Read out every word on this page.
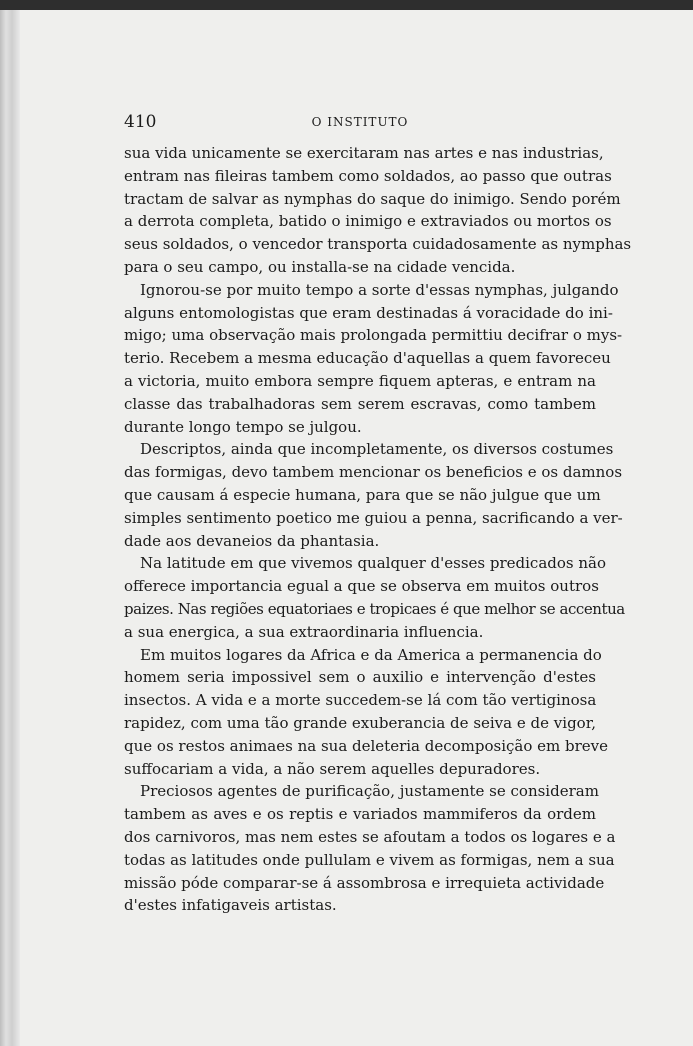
410	O INSTITUTO
sua vida unicamente se exercitaram nas artes e nas industrias,
entram nas fileiras tambem como soldados, ao passo que outras
tractam de salvar as nymphas do saque do inimigo. Sendo porém
a derrota completa, batido o inimigo e extraviados ou mortos os
seus soldados, o vencedor transporta cuidadosamente as nymphas
para o seu campo, ou installa-se na cidade vencida.
Ignorou-se por muito tempo a sorte d'essas nymphas, julgando
alguns entomologistas que eram destinadas á voracidade do ini-
migo; uma observação mais prolongada permittiu decifrar o mys-
terio. Recebem a mesma educação d'aquellas a quem favoreceu
a victoria, muito embora sempre fiquem apteras, e entram na
classe das trabalhadoras sem serem escravas, como tambem
durante longo tempo se julgou.
Descriptos, ainda que incompletamente, os diversos costumes
das formigas, devo tambem mencionar os beneficios e os damnos
que causam á especie humana, para que se não julgue que um
simples sentimento poetico me guiou a penna, sacrificando a ver-
dade aos devaneios da phantasia.
Na latitude em que vivemos qualquer d'esses predicados não
offerece importancia egual a que se observa em muitos outros
paizes. Nas regiões equatoriaes e tropicaes é que melhor se accentua
a sua energica, a sua extraordinaria influencia.
Em muitos logares da Africa e da America a permanencia do
homem seria impossivel sem o auxilio e intervenção d'estes
insectos. A vida e a morte succedem-se lá com tão vertiginosa
rapidez, com uma tão grande exuberancia de seiva e de vigor,
que os restos animaes na sua deleteria decomposição em breve
suffocariam a vida, a não serem aquelles depuradores.
Preciosos agentes de purificação, justamente se consideram
tambem as aves e os reptis e variados mammiferos da ordem
dos carnivoros, mas nem estes se afoutam a todos os logares e a
todas as latitudes onde pullulam e vivem as formigas, nem a sua
missão póde comparar-se á assombrosa e irrequieta actividade
d'estes infatigaveis artistas.
